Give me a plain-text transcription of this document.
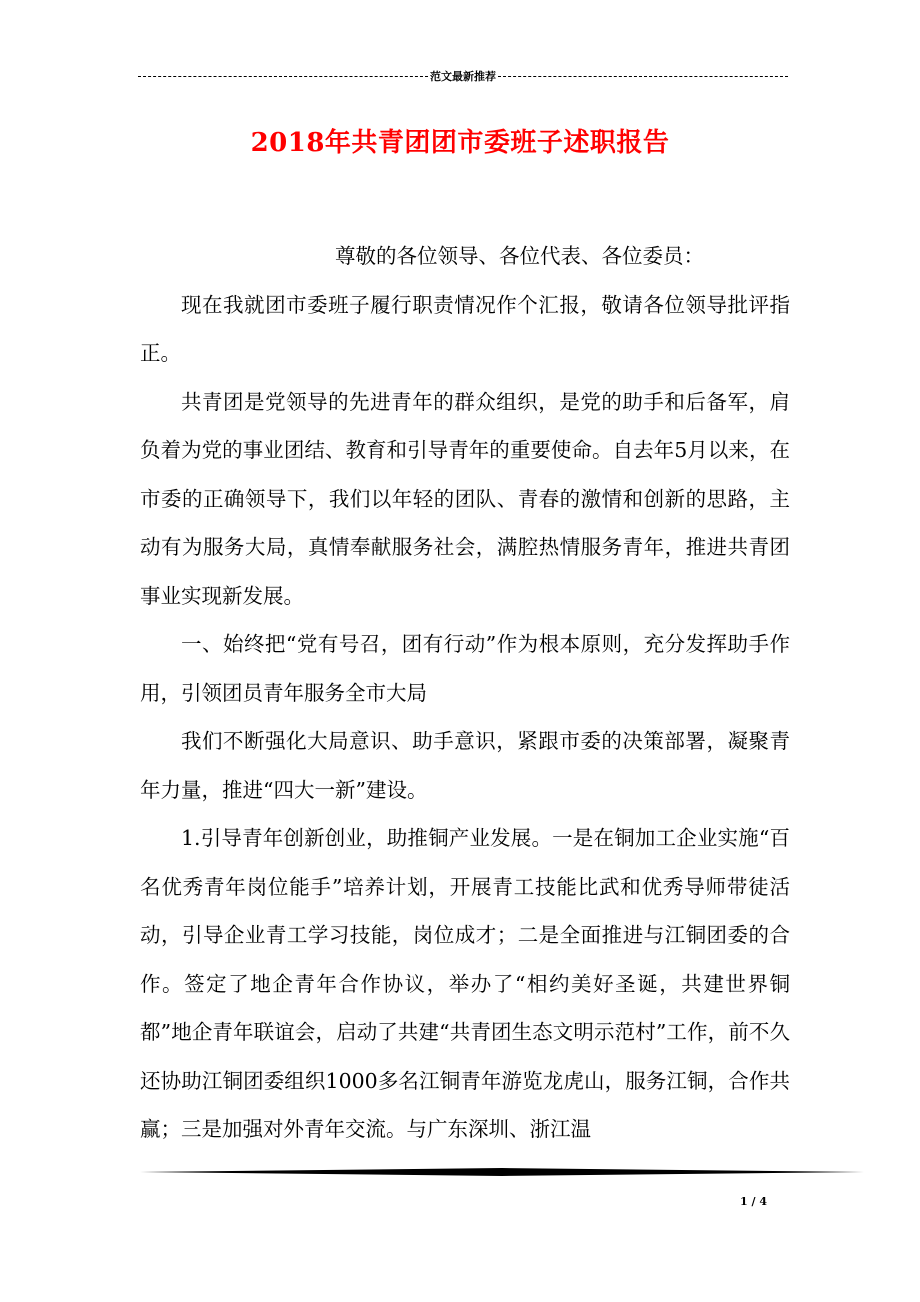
范文最新推荐
2018年共青团团市委班子述职报告

尊敬的各位领导、各位代表、各位委员：

现在我就团市委班子履行职责情况作个汇报，敬请各位领导批评指正。

共青团是党领导的先进青年的群众组织，是党的助手和后备军，肩负着为党的事业团结、教育和引导青年的重要使命。自去年5月以来，在市委的正确领导下，我们以年轻的团队、青春的激情和创新的思路，主动有为服务大局，真情奉献服务社会，满腔热情服务青年，推进共青团事业实现新发展。

一、始终把“党有号召，团有行动”作为根本原则，充分发挥助手作用，引领团员青年服务全市大局

我们不断强化大局意识、助手意识，紧跟市委的决策部署，凝聚青年力量，推进“四大一新”建设。

1.引导青年创新创业，助推铜产业发展。一是在铜加工企业实施“百名优秀青年岗位能手”培养计划，开展青工技能比武和优秀导师带徒活动，引导企业青工学习技能，岗位成才；二是全面推进与江铜团委的合作。签定了地企青年合作协议，举办了“相约美好圣诞，共建世界铜都”地企青年联谊会，启动了共建“共青团生态文明示范村”工作，前不久还协助江铜团委组织1000多名江铜青年游览龙虎山，服务江铜，合作共赢；三是加强对外青年交流。与广东深圳、浙江温

1 / 4
